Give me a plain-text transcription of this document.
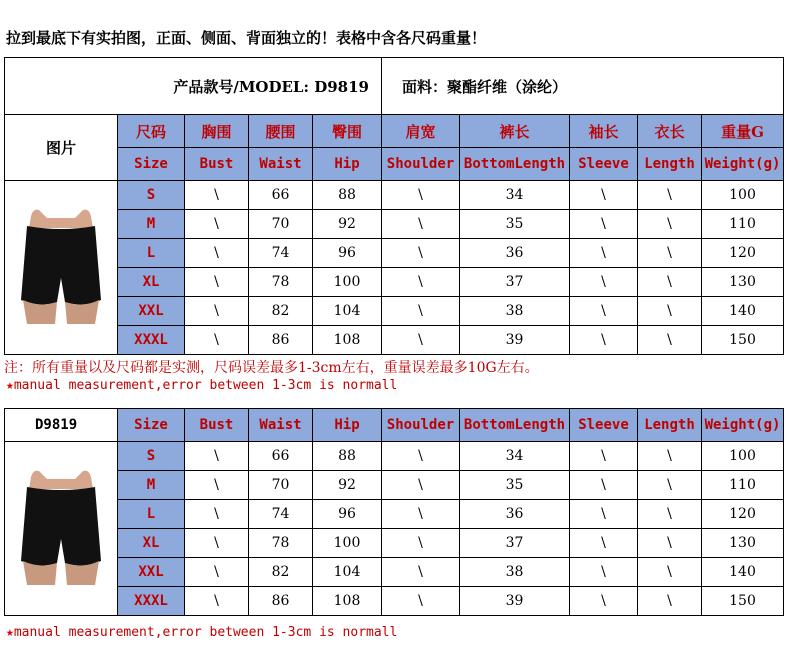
拉到最底下有实拍图，正面、侧面、背面独立的！表格中含各尺码重量！
产品款号/MODEL: D9819					面料：聚酯纤维（涂纶）				
图片	尺码	胸围	腰围	臀围	肩宽	裤长	袖长	衣长	重量G
	Size	Bust	Waist	Hip	Shoulder	BottomLength	Sleeve	Length	Weight(g)

	S	\	66	88	\	34	\	\	100
	M	\	70	92	\	35	\	\	110
	L	\	74	96	\	36	\	\	120
	XL	\	78	100	\	37	\	\	130
	XXL	\	82	104	\	38	\	\	140
	XXXL	\	86	108	\	39	\	\	150
注：所有重量以及尺码都是实测，尺码误差最多1-3cm左右，重量误差最多10G左右。
★manual measurement,error between 1-3cm is normall
D9819	Size	Bust	Waist	Hip	Shoulder	BottomLength	Sleeve	Length	Weight(g)

	S	\	66	88	\	34	\	\	100
	M	\	70	92	\	35	\	\	110
	L	\	74	96	\	36	\	\	120
	XL	\	78	100	\	37	\	\	130
	XXL	\	82	104	\	38	\	\	140
	XXXL	\	86	108	\	39	\	\	150
★manual measurement,error between 1-3cm is normall
